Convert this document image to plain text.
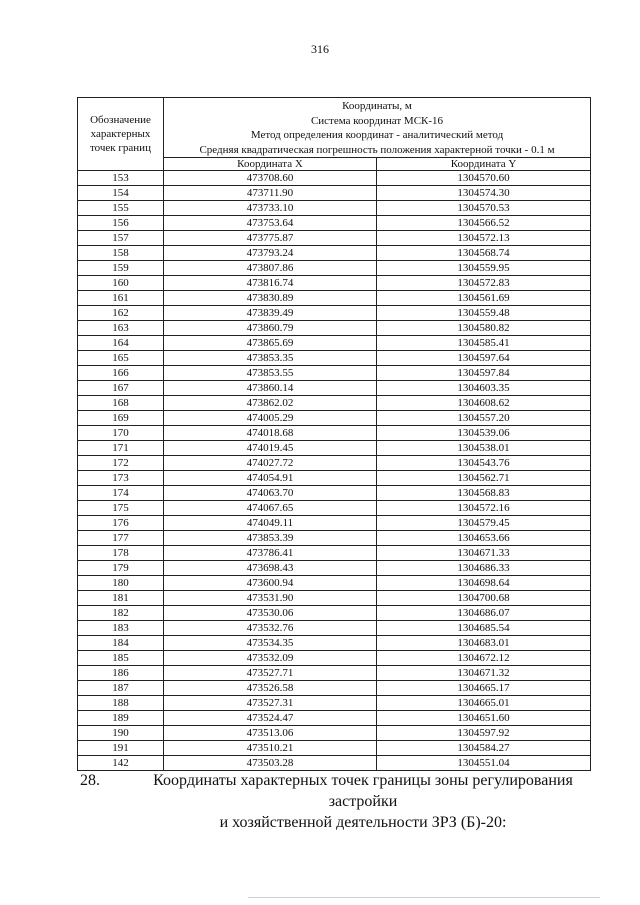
316
Обозначение характерных точек границ	Координаты, м
Система координат МСК-16
Метод определения координат - аналитический метод
Средняя квадратическая погрешность положения характерной точки - 0.1 м	

	Координата X	Координата Y
153	473708.60	1304570.60
154	473711.90	1304574.30
155	473733.10	1304570.53
156	473753.64	1304566.52
157	473775.87	1304572.13
158	473793.24	1304568.74
159	473807.86	1304559.95
160	473816.74	1304572.83
161	473830.89	1304561.69
162	473839.49	1304559.48
163	473860.79	1304580.82
164	473865.69	1304585.41
165	473853.35	1304597.64
166	473853.55	1304597.84
167	473860.14	1304603.35
168	473862.02	1304608.62
169	474005.29	1304557.20
170	474018.68	1304539.06
171	474019.45	1304538.01
172	474027.72	1304543.76
173	474054.91	1304562.71
174	474063.70	1304568.83
175	474067.65	1304572.16
176	474049.11	1304579.45
177	473853.39	1304653.66
178	473786.41	1304671.33
179	473698.43	1304686.33
180	473600.94	1304698.64
181	473531.90	1304700.68
182	473530.06	1304686.07
183	473532.76	1304685.54
184	473534.35	1304683.01
185	473532.09	1304672.12
186	473527.71	1304671.32
187	473526.58	1304665.17
188	473527.31	1304665.01
189	473524.47	1304651.60
190	473513.06	1304597.92
191	473510.21	1304584.27
142	473503.28	1304551.04
28.	Координаты характерных точек границы зоны регулирования застройки
и хозяйственной деятельности ЗРЗ (Б)-20:
